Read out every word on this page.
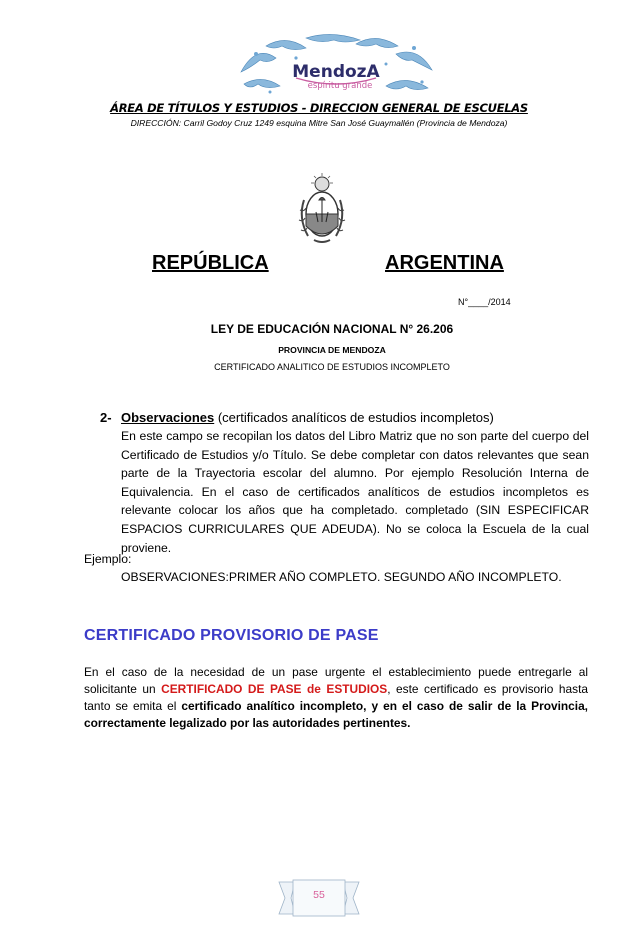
MendozA
espíritu grande
ÁREA DE TÍTULOS Y ESTUDIOS - DIRECCION GENERAL DE ESCUELAS
DIRECCIÓN: Carril Godoy Cruz 1249 esquina Mitre San José Guaymallén (Provincia de Mendoza)
REPÚBLICA	ARGENTINA
N°____/2014
LEY DE EDUCACIÓN NACIONAL N° 26.206
PROVINCIA DE MENDOZA
CERTIFICADO ANALITICO DE ESTUDIOS INCOMPLETO
2- Observaciones (certificados analíticos de estudios incompletos)
En este campo se recopilan los datos del Libro Matriz que no son parte del cuerpo del Certificado de Estudios y/o Título. Se debe completar con datos relevantes que sean parte de la Trayectoria escolar del alumno. Por ejemplo Resolución Interna de Equivalencia. En el caso de certificados analíticos de estudios incompletos es relevante colocar los años que ha completado. completado (SIN ESPECIFICAR ESPACIOS CURRICULARES QUE ADEUDA). No se coloca la Escuela de la cual proviene.
Ejemplo:
OBSERVACIONES:PRIMER AÑO COMPLETO. SEGUNDO AÑO INCOMPLETO.
CERTIFICADO PROVISORIO DE PASE
En el caso de la necesidad de un pase urgente el establecimiento puede entregarle al solicitante un CERTIFICADO DE PASE de ESTUDIOS, este certificado es provisorio hasta tanto se emita el certificado analítico incompleto, y en el caso de salir de la Provincia, correctamente legalizado por las autoridades pertinentes.
55
